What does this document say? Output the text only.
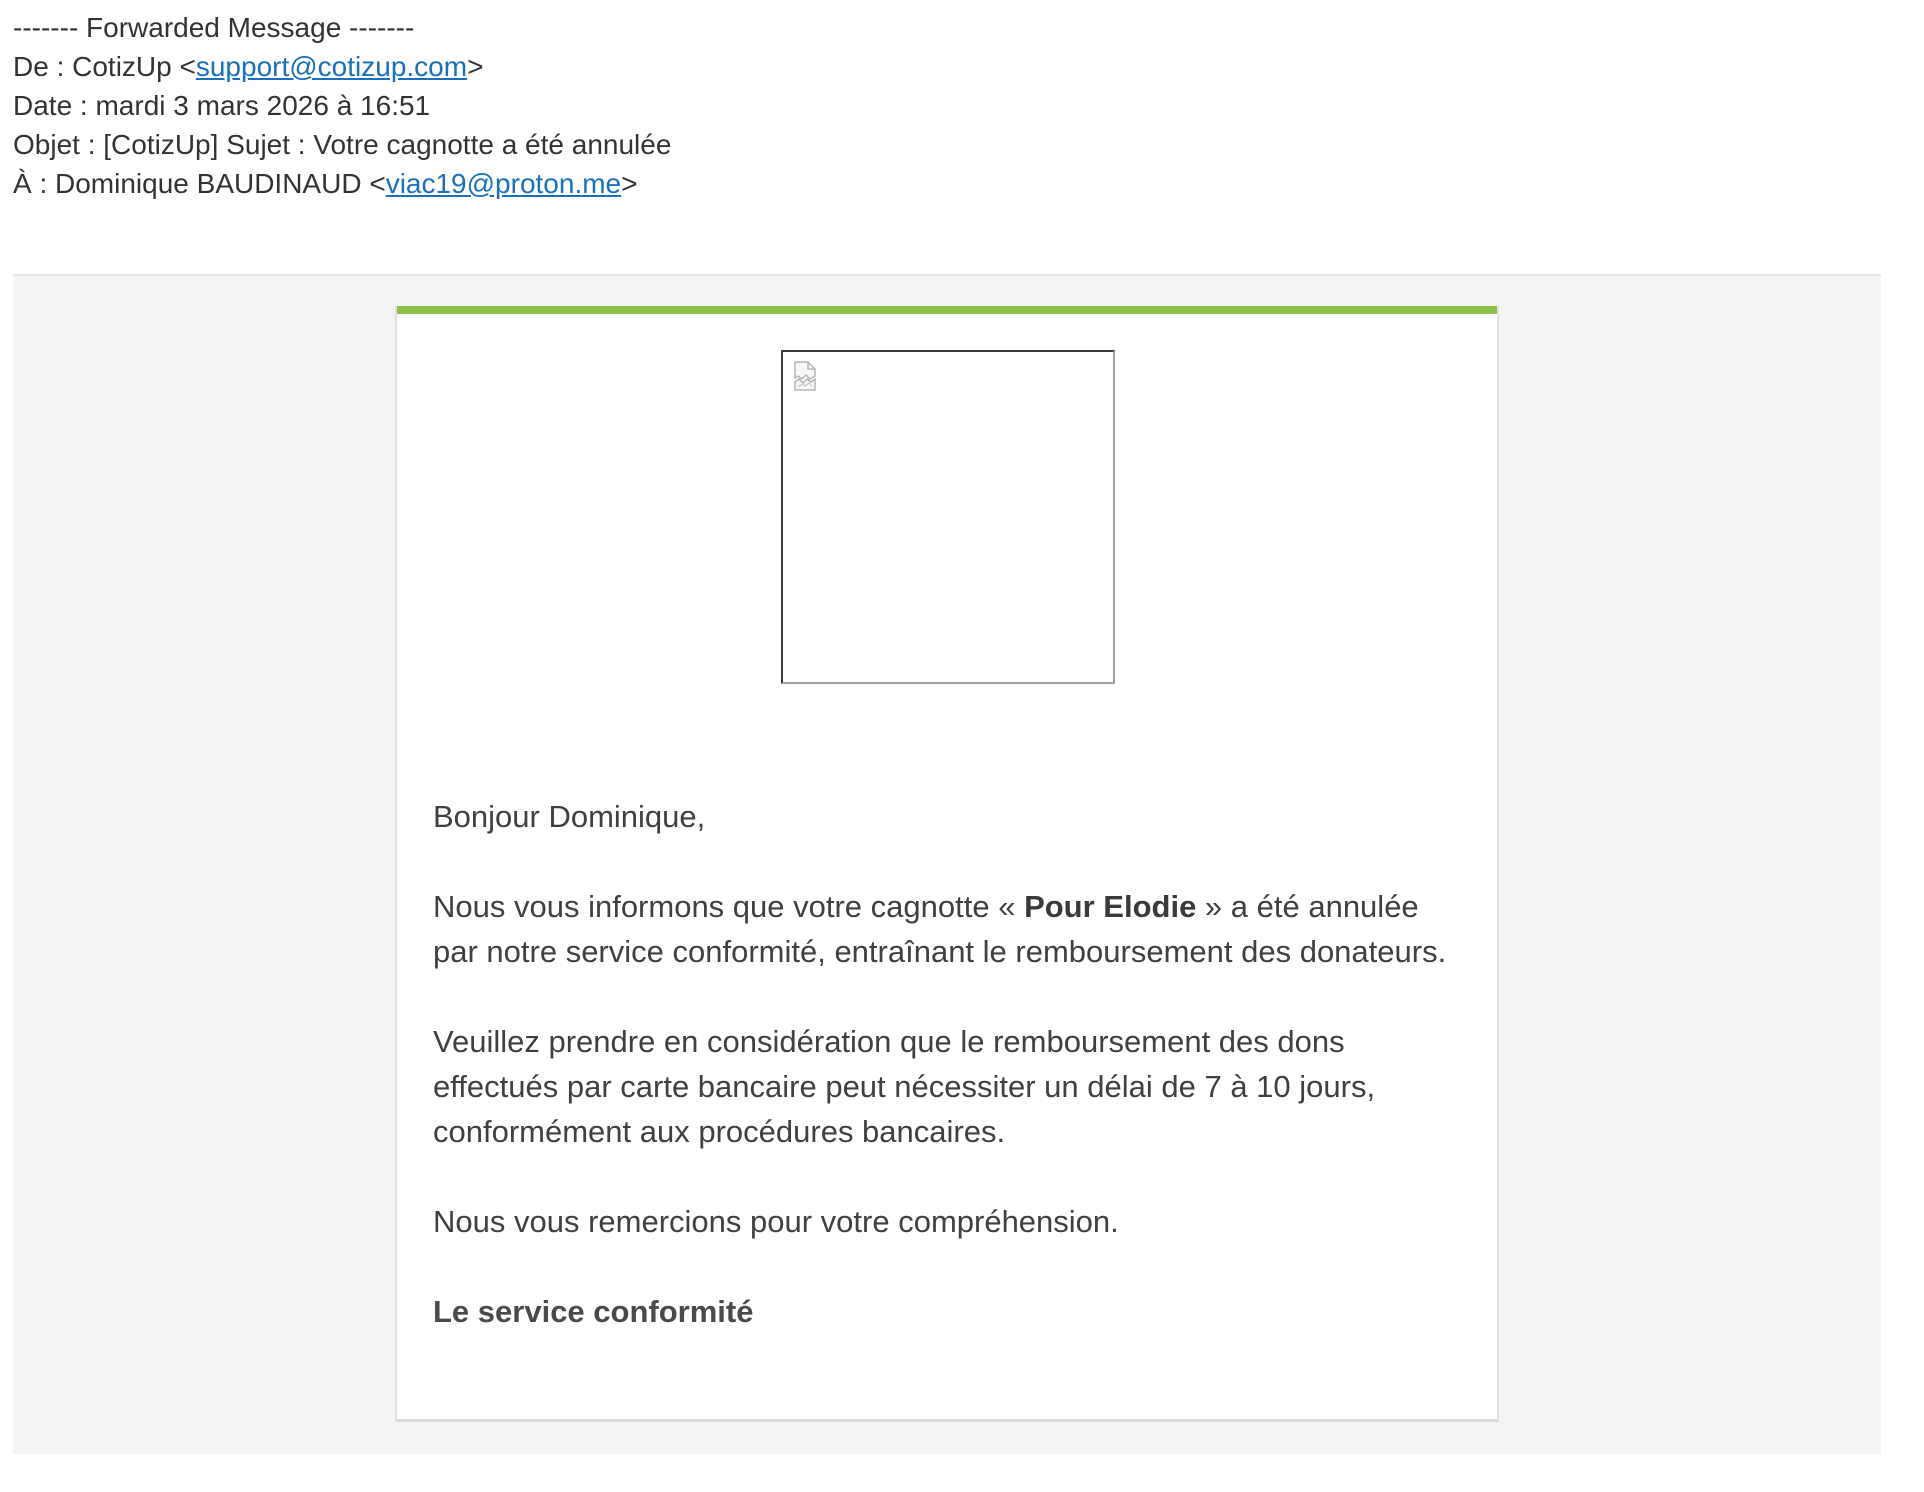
------- Forwarded Message -------
De : CotizUp <support@cotizup.com>
Date : mardi 3 mars 2026 à 16:51
Objet : [CotizUp] Sujet : Votre cagnotte a été annulée
À : Dominique BAUDINAUD <viac19@proton.me>

Bonjour Dominique,

Nous vous informons que votre cagnotte « Pour Elodie » a été annulée par notre service conformité, entraînant le remboursement des donateurs.

Veuillez prendre en considération que le remboursement des dons effectués par carte bancaire peut nécessiter un délai de 7 à 10 jours, conformément aux procédures bancaires.

Nous vous remercions pour votre compréhension.

Le service conformité
